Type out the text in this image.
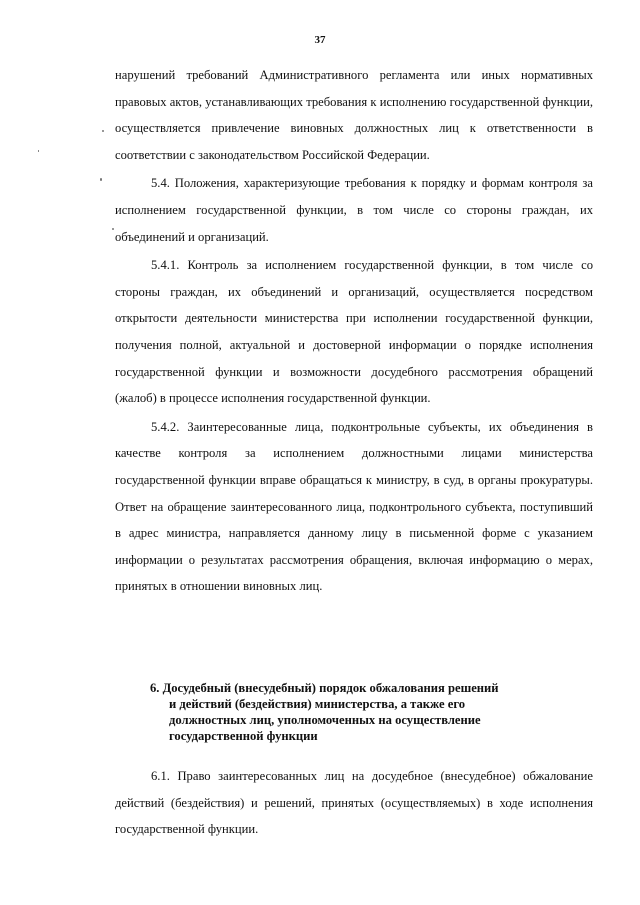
37

нарушений требований Административного регламента или иных нормативных правовых актов, устанавливающих требования к исполнению государственной функции, осуществляется привлечение виновных должностных лиц к ответственности в соответствии с законодательством Российской Федерации.

5.4. Положения, характеризующие требования к порядку и формам контроля за исполнением государственной функции, в том числе со стороны граждан, их объединений и организаций.

5.4.1. Контроль за исполнением государственной функции, в том числе со стороны граждан, их объединений и организаций, осуществляется посредством открытости деятельности министерства при исполнении государственной функции, получения полной, актуальной и достоверной информации о порядке исполнения государственной функции и возможности досудебного рассмотрения обращений (жалоб) в процессе исполнения государственной функции.

5.4.2. Заинтересованные лица, подконтрольные субъекты, их объединения в качестве контроля за исполнением должностными лицами министерства государственной функции вправе обращаться к министру, в суд, в органы прокуратуры. Ответ на обращение заинтересованного лица, подконтрольного субъекта, поступивший в адрес министра, направляется данному лицу в письменной форме с указанием информации о результатах рассмотрения обращения, включая информацию о мерах, принятых в отношении виновных лиц.

6. Досудебный (внесудебный) порядок обжалования решений
и действий (бездействия) министерства, а также его
должностных лиц, уполномоченных на осуществление
государственной функции

6.1. Право заинтересованных лиц на досудебное (внесудебное) обжалование действий (бездействия) и решений, принятых (осуществляемых) в ходе исполнения государственной функции.
